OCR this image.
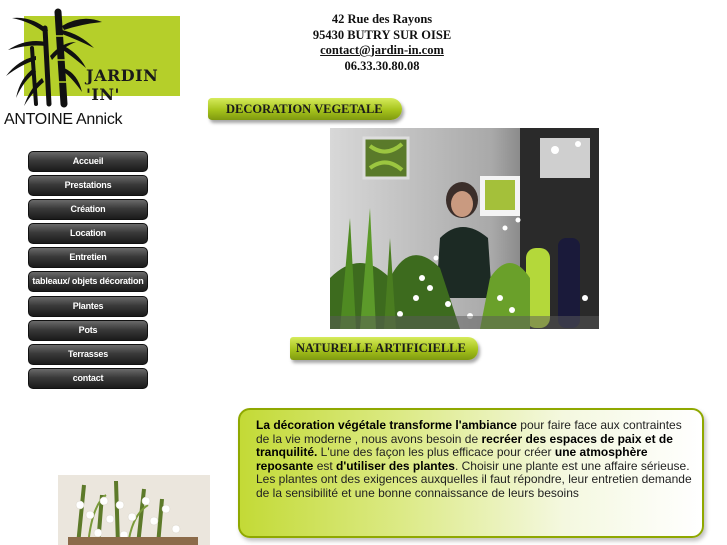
JARDIN 'IN'
ANTOINE Annick
42 Rue des Rayons
95430 BUTRY SUR OISE
contact@jardin-in.com
06.33.30.80.08
DECORATION VEGETALE
NATURELLE ARTIFICIELLE
Accueil
Prestations
Création
Location
Entretien
tableaux/ objets décoration
Plantes
Pots
Terrasses
contact
La décoration végétale transforme l'ambiance pour faire face aux contraintes de la vie moderne , nous avons besoin de recréer des espaces de paix et de tranquilité. L'une des façon les plus efficace pour créer une atmosphère reposante est d'utiliser des plantes. Choisir une plante est une affaire sérieuse. Les plantes ont des exigences auxquelles il faut répondre, leur entretien demande de la sensibilité et une bonne connaissance de leurs besoins
